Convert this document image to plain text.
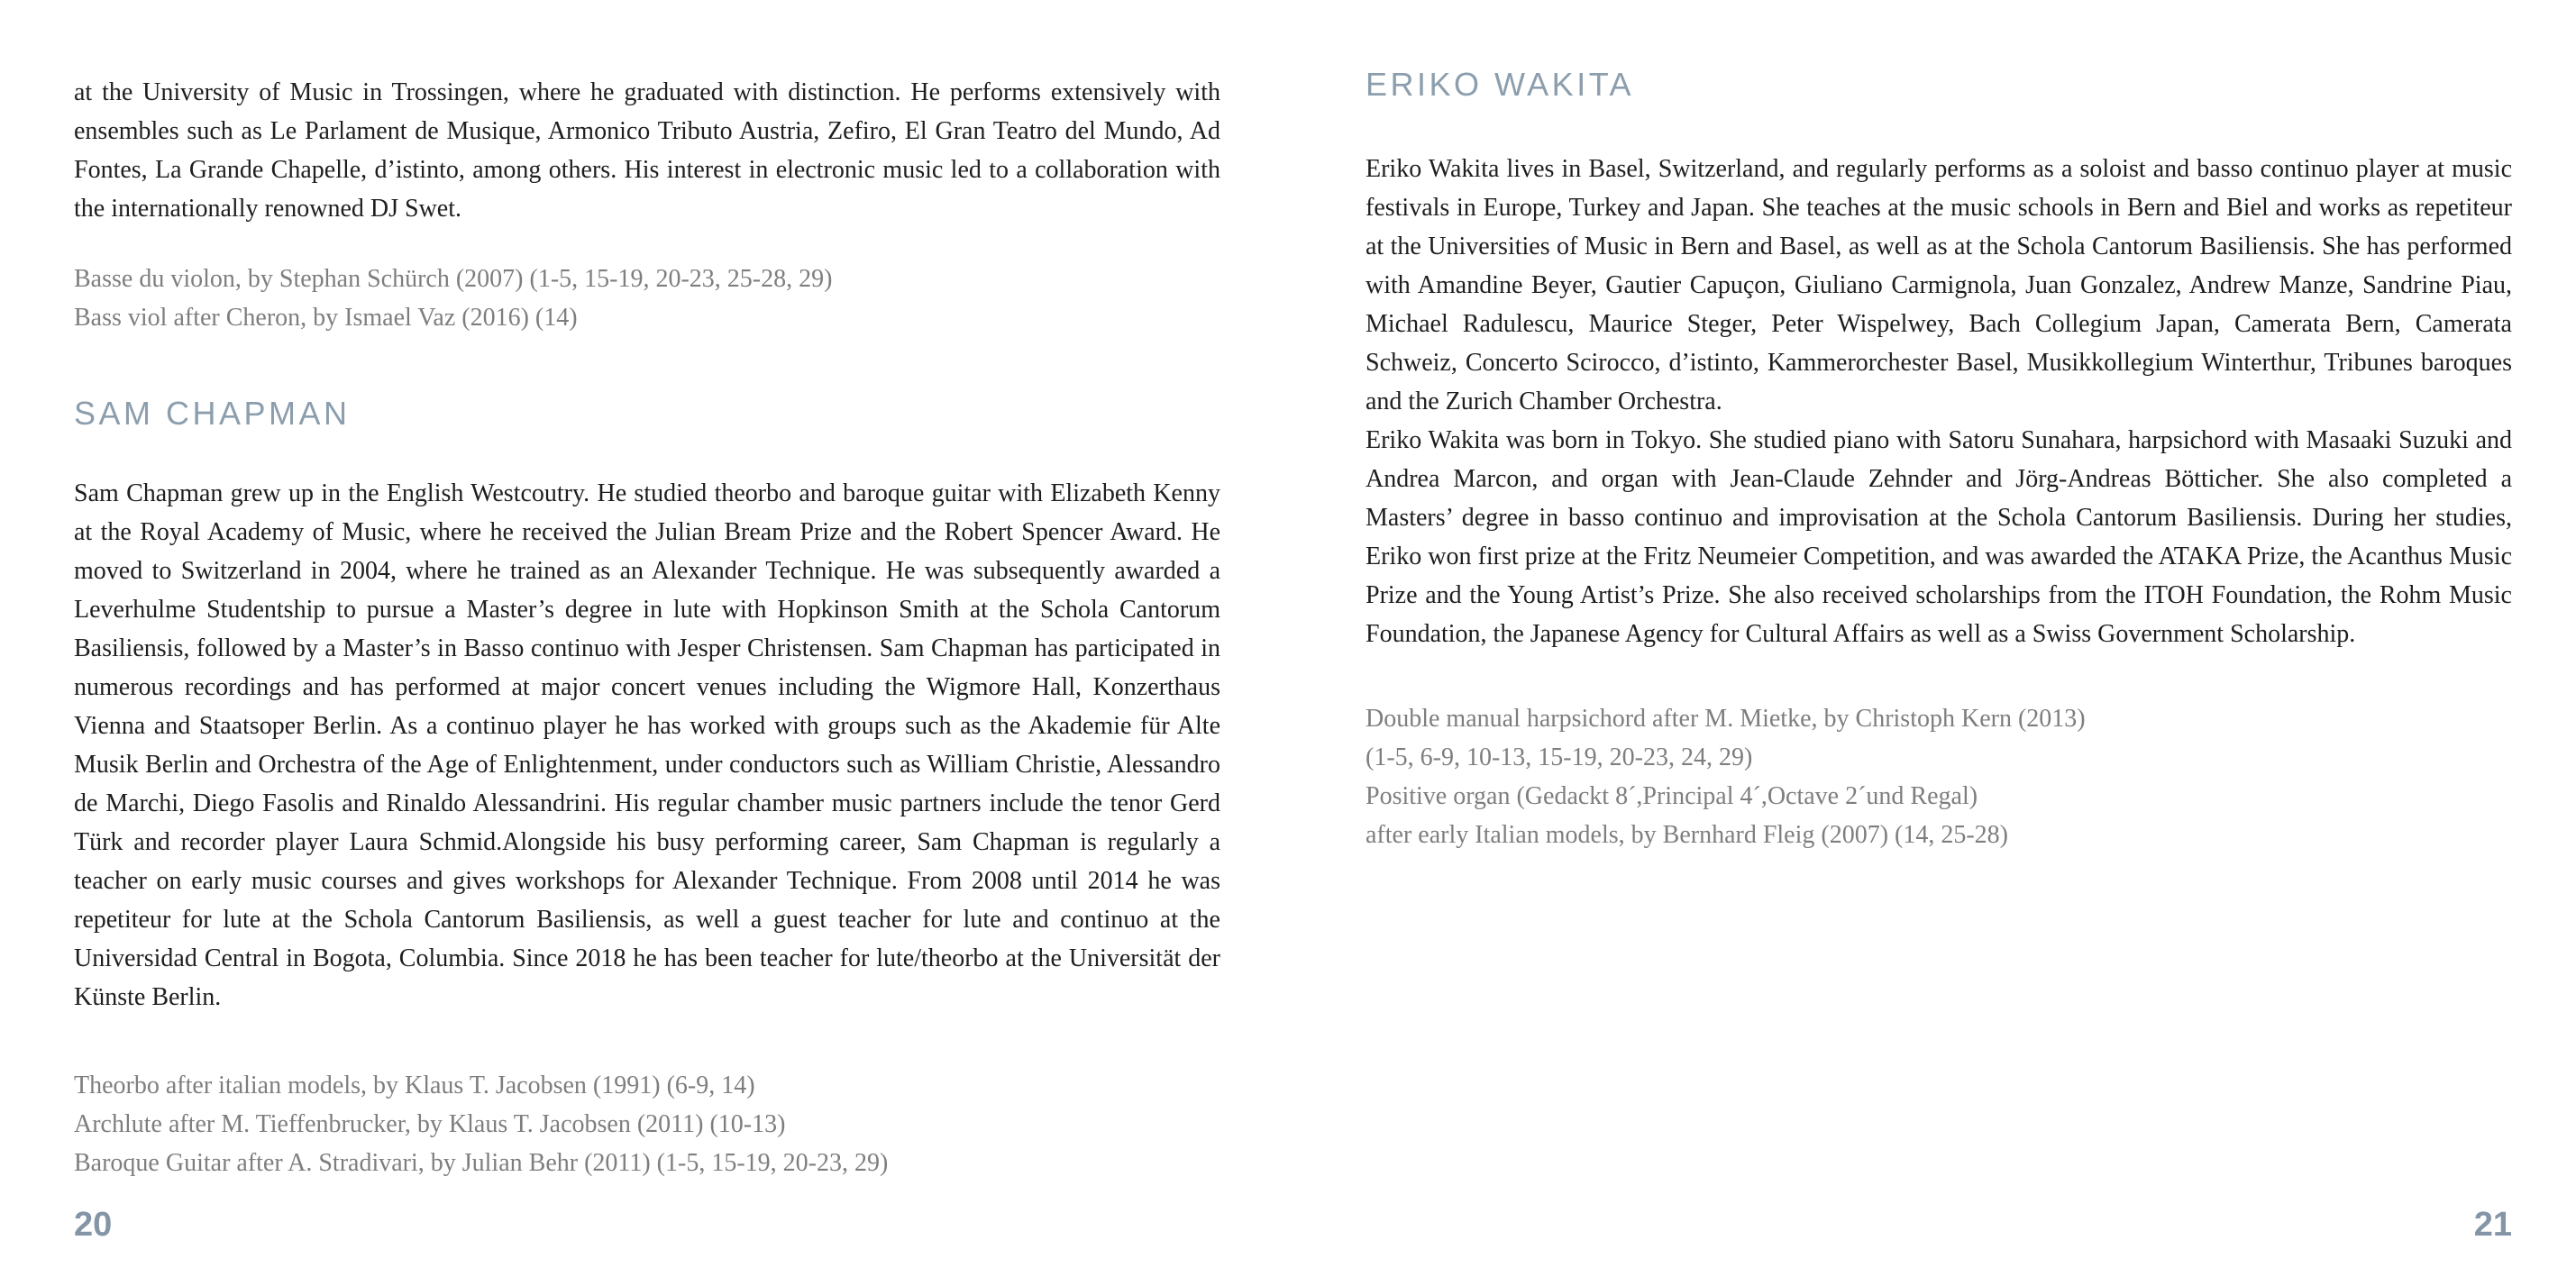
at the University of Music in Trossingen, where he graduated with distinction. He performs extensively with ensembles such as Le Parlament de Musique, Armonico Tributo Austria, Zefiro, El Gran Teatro del Mundo, Ad Fontes, La Grande Chapelle, d’istinto, among others. His interest in electronic music led to a collaboration with the internationally renowned DJ Swet.

Basse du violon, by Stephan Schürch (2007) (1-5, 15-19, 20-23, 25-28, 29)

Bass viol after Cheron, by Ismael Vaz (2016) (14)

SAM CHAPMAN

Sam Chapman grew up in the English Westcoutry. He studied theorbo and baroque guitar with Elizabeth Kenny at the Royal Academy of Music, where he received the Julian Bream Prize and the Robert Spencer Award. He moved to Switzerland in 2004, where he trained as an Alexander Technique. He was subsequently awarded a Leverhulme Studentship to pursue a Master’s degree in lute with Hopkinson Smith at the Schola Cantorum Basiliensis, followed by a Master’s in Basso continuo with Jesper Christensen. Sam Chapman has participated in numerous recordings and has performed at major concert venues including the Wigmore Hall, Konzerthaus Vienna and Staatsoper Berlin. As a continuo player he has worked with groups such as the Akademie für Alte Musik Berlin and Orchestra of the Age of Enlightenment, under conductors such as William Christie, Alessandro de Marchi, Diego Fasolis and Rinaldo Alessandrini. His regular chamber music partners include the tenor Gerd Türk and recorder player Laura Schmid.Alongside his busy performing career, Sam Chapman is regularly a teacher on early music courses and gives workshops for Alexander Technique. From 2008 until 2014 he was repetiteur for lute at the Schola Cantorum Basiliensis, as well a guest teacher for lute and continuo at the Universidad Central in Bogota, Columbia. Since 2018 he has been teacher for lute/theorbo at the Universität der Künste Berlin.

Theorbo after italian models, by Klaus T. Jacobsen (1991) (6-9, 14)

Archlute after M. Tieffenbrucker, by Klaus T. Jacobsen (2011) (10-13)

Baroque Guitar after A. Stradivari, by Julian Behr (2011) (1-5, 15-19, 20-23, 29)

20

ERIKO WAKITA

Eriko Wakita lives in Basel, Switzerland, and regularly performs as a soloist and basso continuo player at music festivals in Europe, Turkey and Japan. She teaches at the music schools in Bern and Biel and works as repetiteur at the Universities of Music in Bern and Basel, as well as at the Schola Cantorum Basiliensis. She has performed with Amandine Beyer, Gautier Capuçon, Giuliano Carmignola, Juan Gonzalez, Andrew Manze, Sandrine Piau, Michael Radulescu, Maurice Steger, Peter Wispelwey, Bach Collegium Japan, Camerata Bern, Camerata Schweiz, Concerto Scirocco, d’istinto, Kammerorchester Basel, Musikkollegium Winterthur, Tribunes baroques and the Zurich Chamber Orchestra.

Eriko Wakita was born in Tokyo. She studied piano with Satoru Sunahara, harpsichord with Masaaki Suzuki and Andrea Marcon, and organ with Jean-Claude Zehnder and Jörg-Andreas Bötticher. She also completed a Masters’ degree in basso continuo and improvisation at the Schola Cantorum Basiliensis. During her studies, Eriko won first prize at the Fritz Neumeier Competition, and was awarded the ATAKA Prize, the Acanthus Music Prize and the Young Artist’s Prize. She also received scholarships from the ITOH Foundation, the Rohm Music Foundation, the Japanese Agency for Cultural Affairs as well as a Swiss Government Scholarship.

Double manual harpsichord after M. Mietke, by Christoph Kern (2013)

(1-5, 6-9, 10-13, 15-19, 20-23, 24, 29)

Positive organ (Gedackt 8´,Principal 4´,Octave 2´und Regal)

after early Italian models, by Bernhard Fleig (2007) (14, 25-28)

21
